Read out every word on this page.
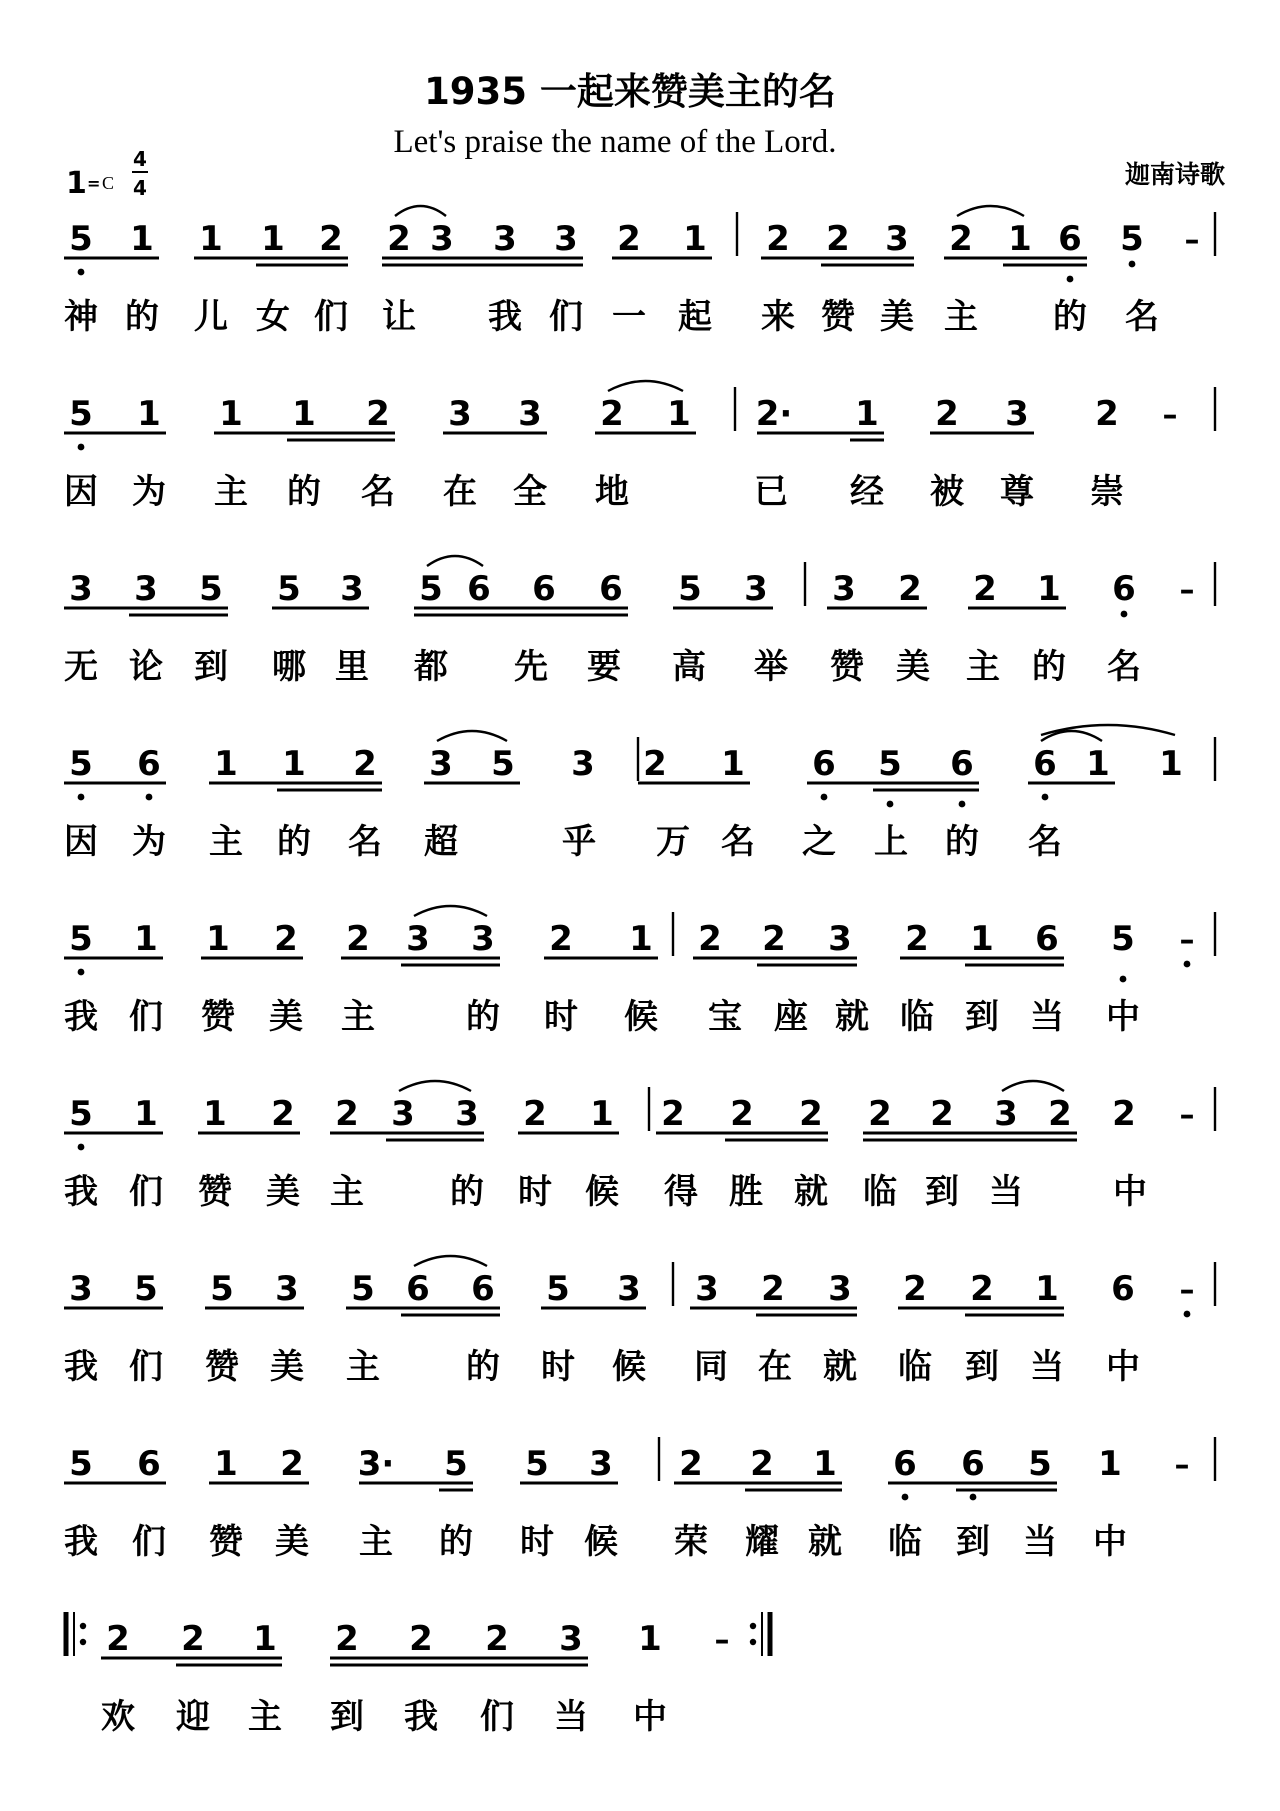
1935 一起来赞美主的名
Let's praise the name of the Lord.
迦南诗歌
1 = C
4
4
5 1 1 1 2 2 3 3 3 2 1 2 2 3 2 1 6 5 –
神 的 儿 女 们 让 我 们 一 起 来 赞 美 主 的 名
5 1 1 1 2 3 3 2 1 2· 1 2 3 2 –
因 为 主 的 名 在 全 地	已 经 被 尊 崇
3 3 5 5 3 5 6 6 6 5 3 3 2 2 1 6 –
无 论 到 哪 里 都 先 要 高 举 赞 美 主 的 名
5 6 1 1 2 3 5 3 2 1 6 5 6 6 1 1
因 为 主 的 名 超	乎 万 名 之 上 的 名
5 1 1 2 2 3 3 2 1 2 2 3 2 1 6 5 –
我 们 赞 美 主	的 时 候 宝 座 就 临 到 当 中
5 1 1 2 2 3 3 2 1 2 2 2 2 2 3 2 2 –
我 们 赞 美 主	的 时 候 得 胜 就 临 到 当	中
3 5 5 3 5 6 6 5 3 3 2 3 2 2 1 6 –
我 们 赞 美 主	的 时 候 同 在 就 临 到 当 中
5 6 1 2 3· 5 5 3 2 2 1 6 6 5 1 –
我 们 赞 美 主 的 时 候 荣 耀 就 临 到 当 中
2 2 1 2 2 2 3 1 –
欢 迎 主 到 我 们 当 中
